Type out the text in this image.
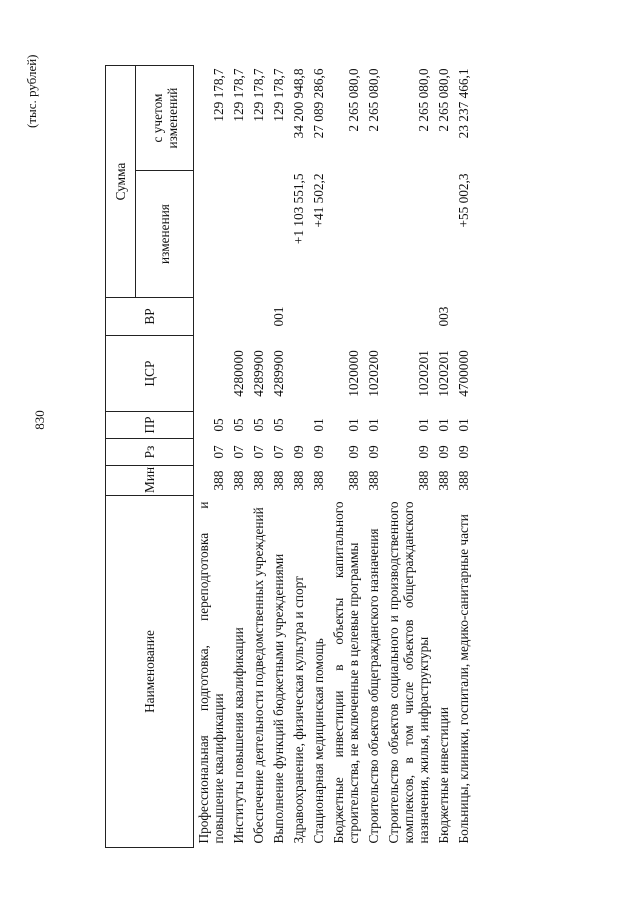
830
(тыс. рублей)
Наименование	Мин	Рз	ПР	ЦСР	ВР	Сумма	
						изменения	с учетом изменений
Профессиональная подготовка, переподготовка и повышение квалификации	388	07	05				129 178,7
Институты повышения квалификации	388	07	05	4280000			129 178,7
Обеспечение деятельности подведомственных учреждений	388	07	05	4289900			129 178,7
Выполнение функций бюджетными учреждениями	388	07	05	4289900	001		129 178,7
Здравоохранение, физическая культура и спорт	388	09				+1 103 551,5	34 200 948,8
Стационарная медицинская помощь	388	09	01			+41 502,2	27 089 286,6
Бюджетные инвестиции в объекты капитального строительства, не включенные в целевые программы	388	09	01	1020000			2 265 080,0
Строительство объектов общегражданского назначения	388	09	01	1020200			2 265 080,0
Строительство объектов социального и производственного комплексов, в том числе объектов общегражданского назначения, жилья, инфраструктуры	388	09	01	1020201			2 265 080,0
Бюджетные инвестиции	388	09	01	1020201	003		2 265 080,0
Больницы, клиники, госпитали, медико-санитарные части	388	09	01	4700000		+55 002,3	23 237 466,1
